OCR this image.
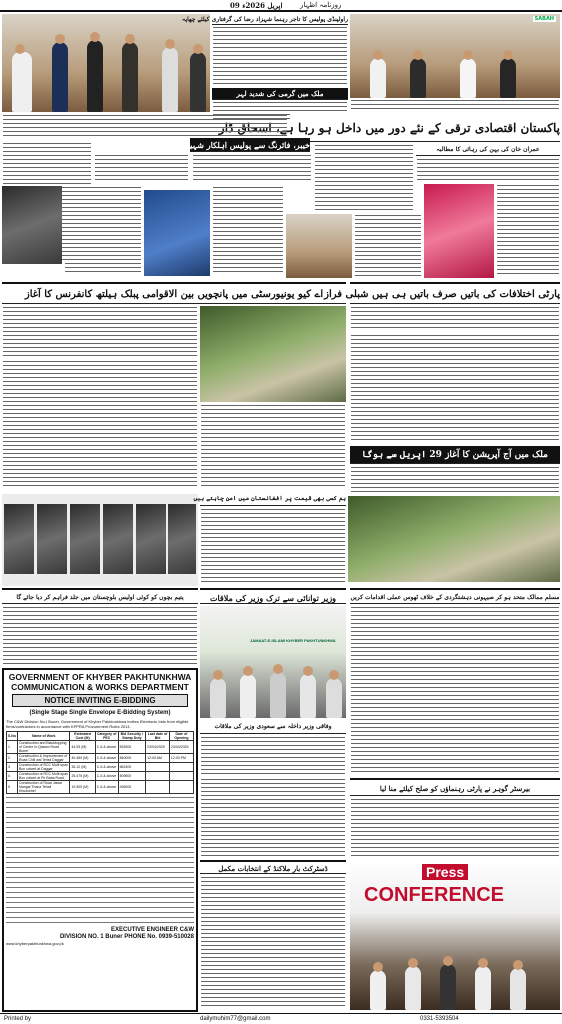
09 اپریل 2026ء	روزنامہ اظہار
راولپنڈی پولیس کا تاجر رہنما شہزاد رضا کی گرفتاری کیلئے چھاپہ
ملک میں گرمی کی شدید لہر
SABAH
پاکستان اقتصادی ترقی کے نئے دور میں داخل ہو رہا ہے، اسحاق ڈار
خیبر، فائرنگ سے پولیس اہلکار شہید	عمران خان کی بہن کی رہائی کا مطالبہ
اے کیو یونیورسٹی میں پانچویں بین الاقوامی پبلک ہیلتھ کانفرنس کا آغاز پارٹی اختلافات کی باتیں صرف باتیں ہی ہیں شبلی فراز
ملک میں آج آپریشن کا آغاز 29 اپریل سے ہوگا
ہم کسی بھی قیمت پر افغانستان میں امن چاہتے ہیں
وزیر توانائی سے ترک وزیر کی ملاقات
یتیم بچوں کو کوئی اولیس بلوچستان میں جلد فراہم کر دیا جائے گا	مسلم ممالک متحد ہو کر صیہونی دہشتگردی کے خلاف ٹھوس عملی اقدامات کریں
JAMAAT-E-ISLAMI KHYBER PAKHTUNKHWA
وفاقی وزیر داخلہ سے سعودی وزیر کی ملاقات
GOVERNMENT OF KHYBER PAKHTUNKHWA
COMMUNICATION & WORKS DEPARTMENT
NOTICE INVITING E-BIDDING
(Single Stage Single Envelope E-Bidding System)
The C&W Division No-I Buner, Government of Khyber Pakhtunkhwa invites Electronic bids from eligible firms/contractors in accordance with KPPRA Procurement Rules 2014.
S.No	Name of Work	Estimated Cost (M)	Category of PEC	Bid Security / Stamp Duty	Last date of Bid	Date of Opening
1	Construction and Blacktopping of Centre to Qasam Road Buner	44.53 (M)	C-6 & above	532600	23/04/2025	23/04/2025
2	Construction & Improvement of Road Chill wal Tehsil Daggar	40.450 (M)	C-6 & above	840000	12:00 AM	12:30 PM
3	Construction of RCC Multi span Box culvert at Daggar	26.12 (M)	C-6 & above	662400		
4	Construction of RCC Multi span Box culvert at Pir Baba Road	25.475 (M)	C-6 & above	509500		
5	Construction of Road Jawar Mangal Thana Tehsil Khudukhel	19.500 (M)	C-6 & above	436000		
EXECUTIVE ENGINEER C&W
DIVISION NO. 1 Buner PHONE No. 0939-510028
www.khyberpakhtunkhwa.gov.pk
ڈسٹرکٹ بار ملاکنڈ کے انتخابات مکمل
بیرسٹر گوہر نے پارٹی رہنماؤں کو صلح کیلئے منا لیا
Press
CONFERENCE
Printed by	dailymuhim77@gmail.com	0331-5393504
